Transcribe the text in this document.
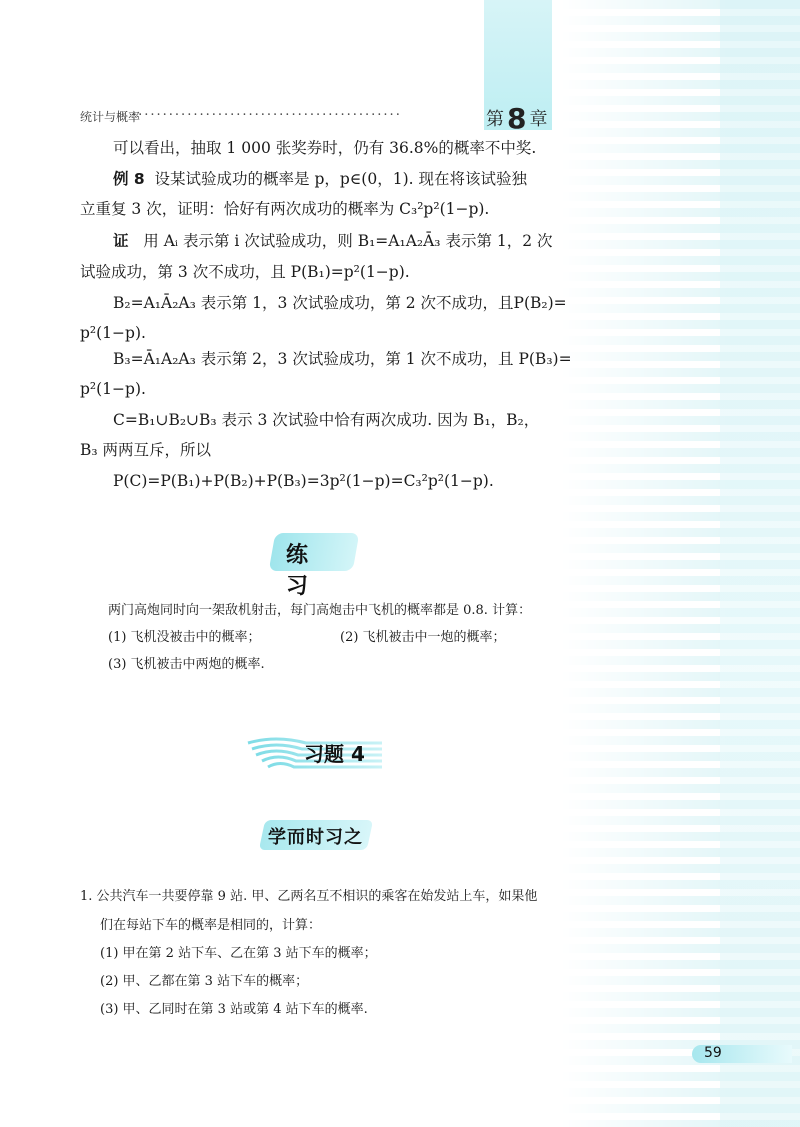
统计与概率
............................................	第 8 章
可以看出，抽取 1 000 张奖券时，仍有 36.8%的概率不中奖.
例 8 设某试验成功的概率是 p，p∈(0，1). 现在将该试验独
立重复 3 次，证明：恰好有两次成功的概率为 C₃²p²(1−p).
证 用 Aᵢ 表示第 i 次试验成功，则 B₁=A₁A₂Ā₃ 表示第 1，2 次
试验成功，第 3 次不成功，且 P(B₁)=p²(1−p).
B₂=A₁Ā₂A₃ 表示第 1，3 次试验成功，第 2 次不成功，且P(B₂)=
p²(1−p).
B₃=Ā₁A₂A₃ 表示第 2，3 次试验成功，第 1 次不成功，且 P(B₃)=
p²(1−p).
C=B₁∪B₂∪B₃ 表示 3 次试验中恰有两次成功. 因为 B₁，B₂，
B₃ 两两互斥，所以
P(C)=P(B₁)+P(B₂)+P(B₃)=3p²(1−p)=C₃²p²(1−p).
练 习
两门高炮同时向一架敌机射击，每门高炮击中飞机的概率都是 0.8. 计算：
(1) 飞机没被击中的概率；	(2) 飞机被击中一炮的概率；
(3) 飞机被击中两炮的概率.
习题 4
学而时习之
1. 公共汽车一共要停靠 9 站. 甲、乙两名互不相识的乘客在始发站上车，如果他
们在每站下车的概率是相同的，计算：
(1) 甲在第 2 站下车、乙在第 3 站下车的概率；
(2) 甲、乙都在第 3 站下车的概率；
(3) 甲、乙同时在第 3 站或第 4 站下车的概率.
59
